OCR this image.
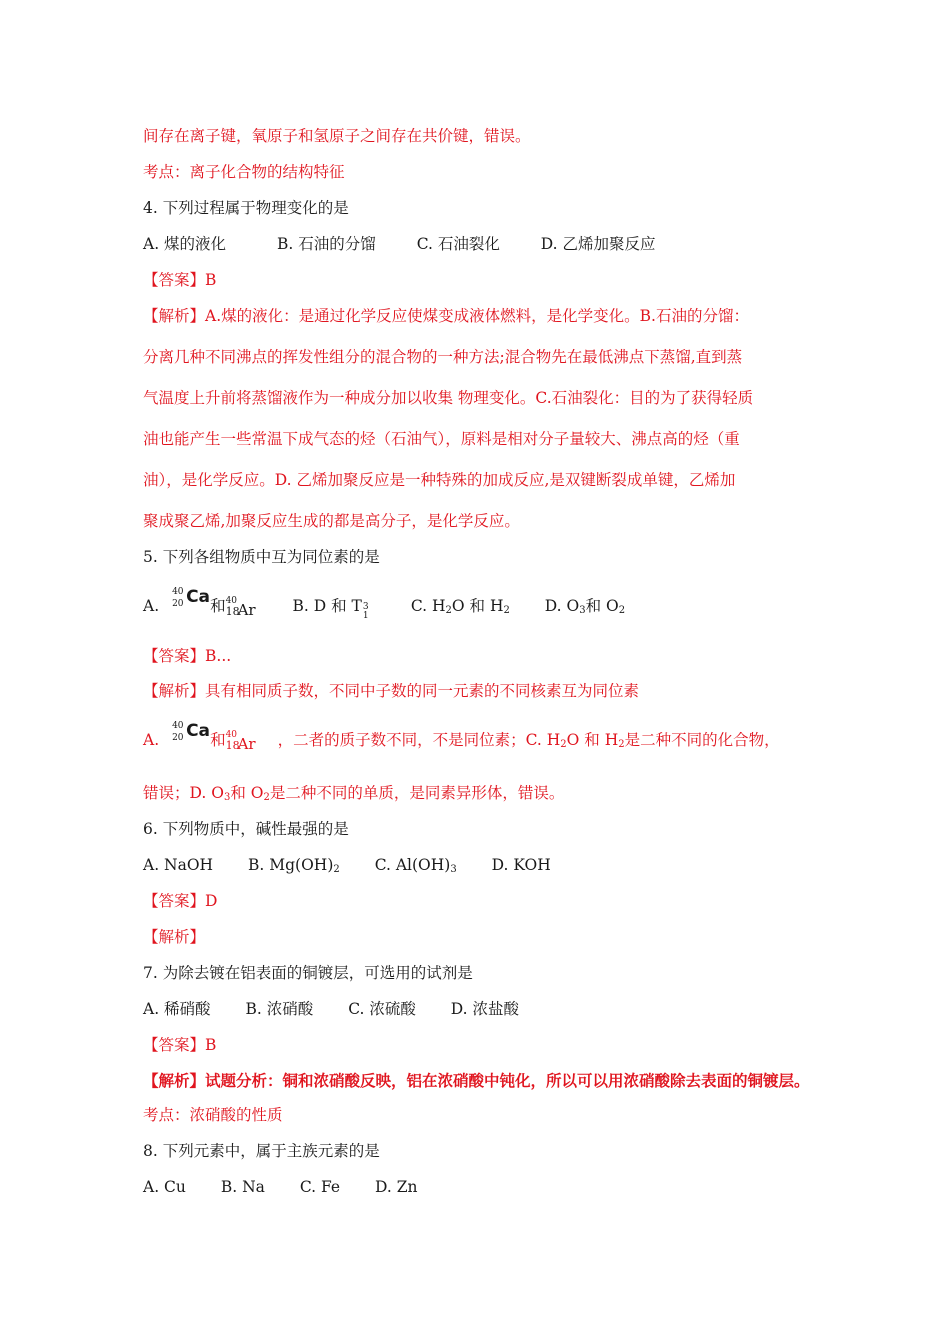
间存在离子键，氧原子和氢原子之间存在共价键，错误。
考点：离子化合物的结构特征
4. 下列过程属于物理变化的是
A. 煤的液化	B. 石油的分馏	C. 石油裂化	D. 乙烯加聚反应
【答案】B
【解析】A.煤的液化：是通过化学反应使煤变成液体燃料，是化学变化。B.石油的分馏：
分离几种不同沸点的挥发性组分的混合物的一种方法;混合物先在最低沸点下蒸馏,直到蒸
气温度上升前将蒸馏液作为一种成分加以收集 物理变化。C.石油裂化：目的为了获得轻质
油也能产生一些常温下成气态的烃（石油气），原料是相对分子量较大、沸点高的烃（重
油），是化学反应。D. 乙烯加聚反应是一种特殊的加成反应,是双键断裂成单键，乙烯加
聚成聚乙烯,加聚反应生成的都是高分子，是化学反应。
5. 下列各组物质中互为同位素的是
A.
40
20 Ca 和 40
18
Ar B. D 和 T 3
1
C. $H_2O$ 和 $H_2$ D. $O_3$和 $O_2$
【答案】B...
【解析】具有相同质子数，不同中子数的同一元素的不同核素互为同位素
A.
40
20 Ca 和 40
18
Ar ，二者的质子数不同，不是同位素；C. $H_2O$ 和 $H_2$是二种不同的化合物，
错误；D. $O_3$和 $O_2$是二种不同的单质，是同素异形体，错误。
6. 下列物质中，碱性最强的是
A. NaOH B. $Mg(OH)_2$ C. $Al(OH)_3$ D. KOH
【答案】D
【解析】
7. 为除去镀在铝表面的铜镀层，可选用的试剂是
A. 稀硝酸 B. 浓硝酸 C. 浓硫酸 D. 浓盐酸
【答案】B
【解析】试题分析：铜和浓硝酸反映，铝在浓硝酸中钝化，所以可以用浓硝酸除去表面的铜镀层。
考点：浓硝酸的性质
8. 下列元素中，属于主族元素的是
A. Cu B. Na C. Fe D. Zn
